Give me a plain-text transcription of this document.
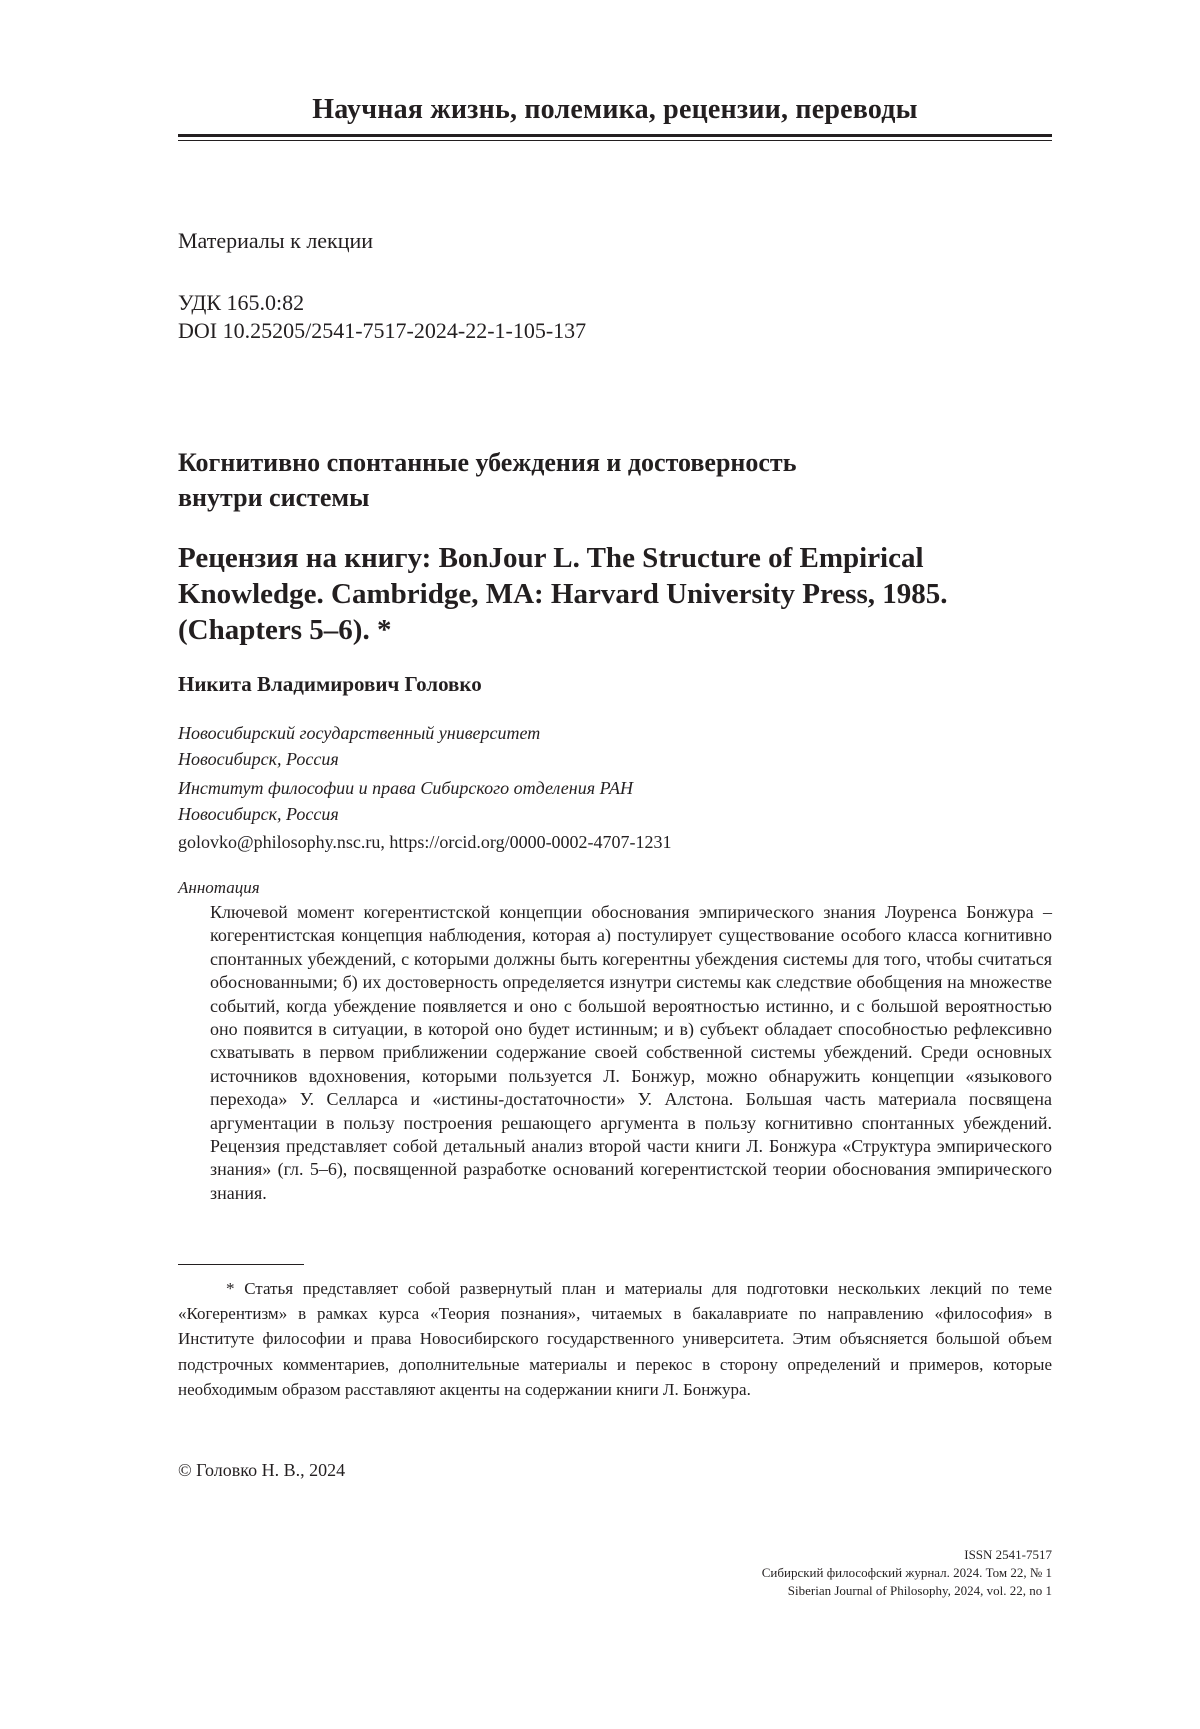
Научная жизнь, полемика, рецензии, переводы
Материалы к лекции
УДК 165.0:82
DOI 10.25205/2541-7517-2024-22-1-105-137
Когнитивно спонтанные убеждения и достоверность
внутри системы
Рецензия на книгу: BonJour L. The Structure of Empirical
Knowledge. Cambridge, MA: Harvard University Press, 1985.
(Chapters 5–6). *
Никита Владимирович Головко
Новосибирский государственный университет
Новосибирск, Россия
Институт философии и права Сибирского отделения РАН
Новосибирск, Россия
golovko@philosophy.nsc.ru, https://orcid.org/0000-0002-4707-1231
Аннотация

Ключевой момент когерентистской концепции обоснования эмпирического знания Лоуренса Бонжура – когерентистская концепция наблюдения, которая а) постулирует существование особого класса когнитивно спонтанных убеждений, с которыми должны быть когерентны убеждения системы для того, чтобы считаться обоснованными; б) их достоверность определяется изнутри системы как следствие обобщения на множестве событий, когда убеждение появляется и оно с большой вероятностью истинно, и с большой вероятностью оно появится в ситуации, в которой оно будет истинным; и в) субъект обладает способностью рефлексивно схватывать в первом приближении содержание своей собственной системы убеждений. Среди основных источников вдохновения, которыми пользуется Л. Бонжур, можно обнаружить концепции «языкового перехода» У. Селларса и «истины-достаточности» У. Алстона. Большая часть материала посвящена аргументации в пользу построения решающего аргумента в пользу когнитивно спонтанных убеждений. Рецензия представляет собой детальный анализ второй части книги Л. Бонжура «Структура эмпирического знания» (гл. 5–6), посвященной разработке оснований когерентистской теории обоснования эмпирического знания.

* Статья представляет собой развернутый план и материалы для подготовки нескольких лекций по теме «Когерентизм» в рамках курса «Теория познания», читаемых в бакалавриате по направлению «философия» в Институте философии и права Новосибирского государственного университета. Этим объясняется большой объем подстрочных комментариев, дополнительные материалы и перекос в сторону определений и примеров, которые необходимым образом расставляют акценты на содержании книги Л. Бонжура.

© Головко Н. В., 2024
ISSN 2541-7517
Сибирский философский журнал. 2024. Том 22, № 1
Siberian Journal of Philosophy, 2024, vol. 22, no 1
